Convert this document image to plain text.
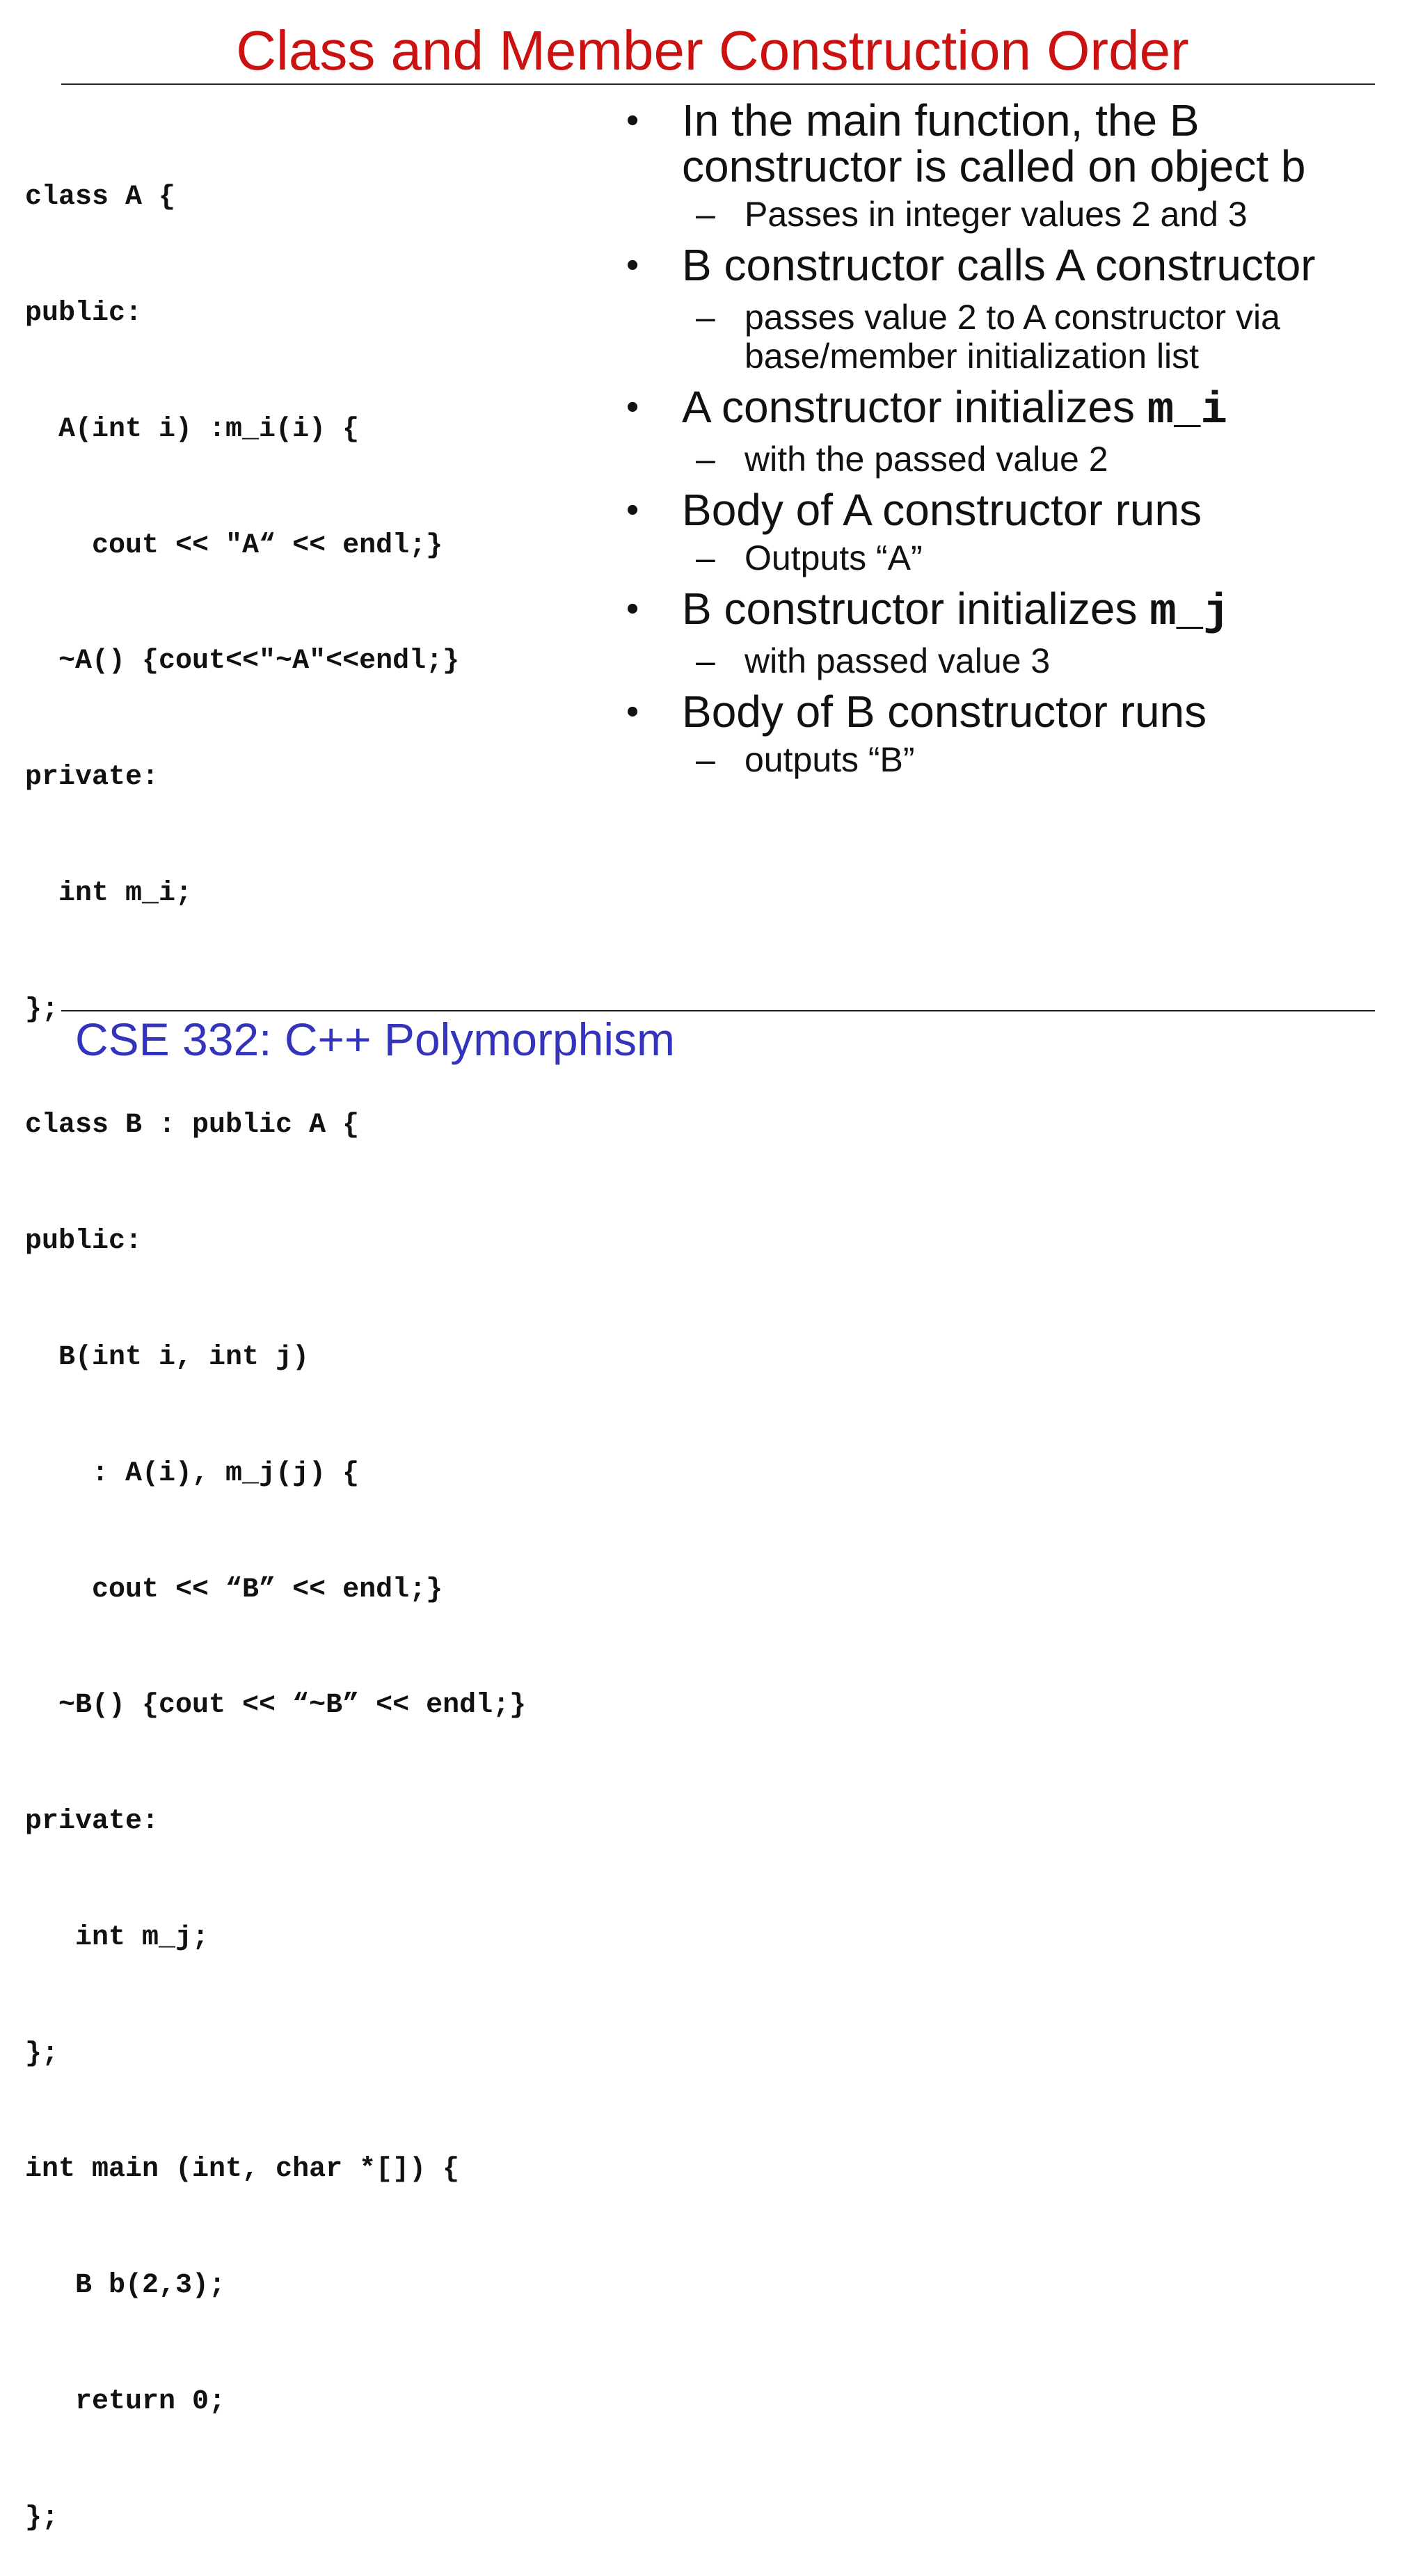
Class and Member Construction Order

class A {

public:

A(int i) :m_i(i) {

cout << "A“ << endl;}

~A() {cout<<"~A"<<endl;}

private:

int m_i;

};

class B : public A {

public:

B(int i, int j)

: A(i), m_j(j) {

cout << “B” << endl;}

~B() {cout << “~B” << endl;}

private:

int m_j;

};

int main (int, char *[]) {

B b(2,3);

return 0;

};

• In the main function, the B constructor is called on object b
– Passes in integer values 2 and 3
• B constructor calls A constructor
– passes value 2 to A constructor via base/member initialization list
• A constructor initializes m_i
– with the passed value 2
• Body of A constructor runs
– Outputs “A”
• B constructor initializes m_j
– with passed value 3
• Body of B constructor runs
– outputs “B”
CSE 332: C++ Polymorphism
